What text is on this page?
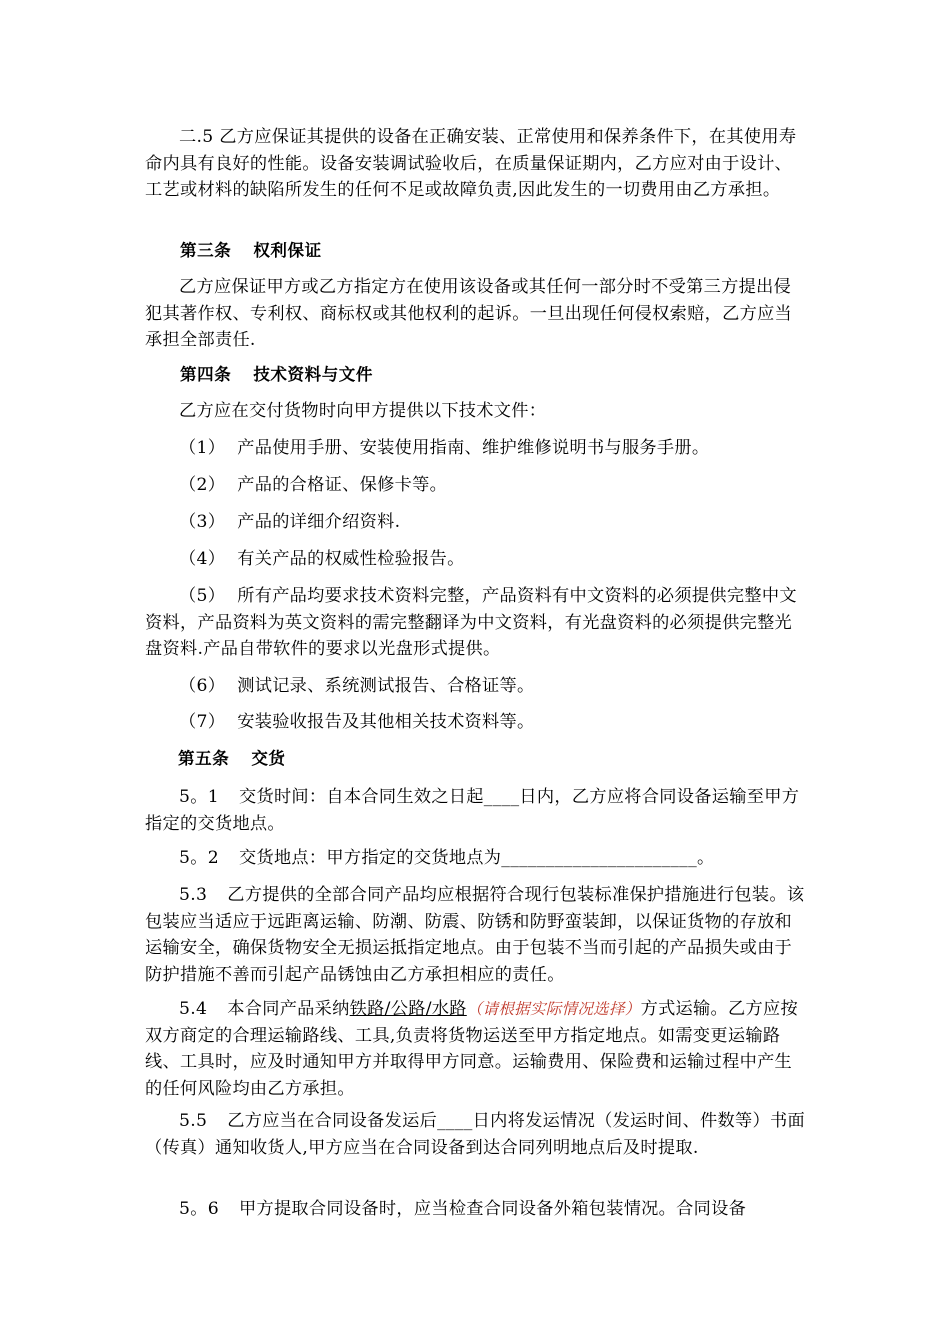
二.5 乙方应保证其提供的设备在正确安装、正常使用和保养条件下，在其使用寿命内具有良好的性能。设备安装调试验收后，在质量保证期内，乙方应对由于设计、工艺或材料的缺陷所发生的任何不足或故障负责,因此发生的一切费用由乙方承担。

第三条 权利保证

乙方应保证甲方或乙方指定方在使用该设备或其任何一部分时不受第三方提出侵犯其著作权、专利权、商标权或其他权利的起诉。一旦出现任何侵权索赔，乙方应当承担全部责任.

第四条 技术资料与文件

乙方应在交付货物时向甲方提供以下技术文件：

（1） 产品使用手册、安装使用指南、维护维修说明书与服务手册。

（2） 产品的合格证、保修卡等。

（3） 产品的详细介绍资料.

（4） 有关产品的权威性检验报告。

（5） 所有产品均要求技术资料完整，产品资料有中文资料的必须提供完整中文资料，产品资料为英文资料的需完整翻译为中文资料，有光盘资料的必须提供完整光盘资料.产品自带软件的要求以光盘形式提供。

（6） 测试记录、系统测试报告、合格证等。

（7） 安装验收报告及其他相关技术资料等。

第五条 交货

5。1 交货时间：自本合同生效之日起____日内，乙方应将合同设备运输至甲方指定的交货地点。

5。2 交货地点：甲方指定的交货地点为______________________。

5.3 乙方提供的全部合同产品均应根据符合现行包装标准保护措施进行包装。该包装应当适应于远距离运输、防潮、防震、防锈和防野蛮装卸，以保证货物的存放和运输安全，确保货物安全无损运抵指定地点。由于包装不当而引起的产品损失或由于防护措施不善而引起产品锈蚀由乙方承担相应的责任。

5.4 本合同产品采纳铁路/公路/水路（请根据实际情况选择）方式运输。乙方应按双方商定的合理运输路线、工具,负责将货物运送至甲方指定地点。如需变更运输路线、工具时，应及时通知甲方并取得甲方同意。运输费用、保险费和运输过程中产生的任何风险均由乙方承担。

5.5 乙方应当在合同设备发运后____日内将发运情况（发运时间、件数等）书面（传真）通知收货人,甲方应当在合同设备到达合同列明地点后及时提取.

5。6 甲方提取合同设备时，应当检查合同设备外箱包装情况。合同设备
